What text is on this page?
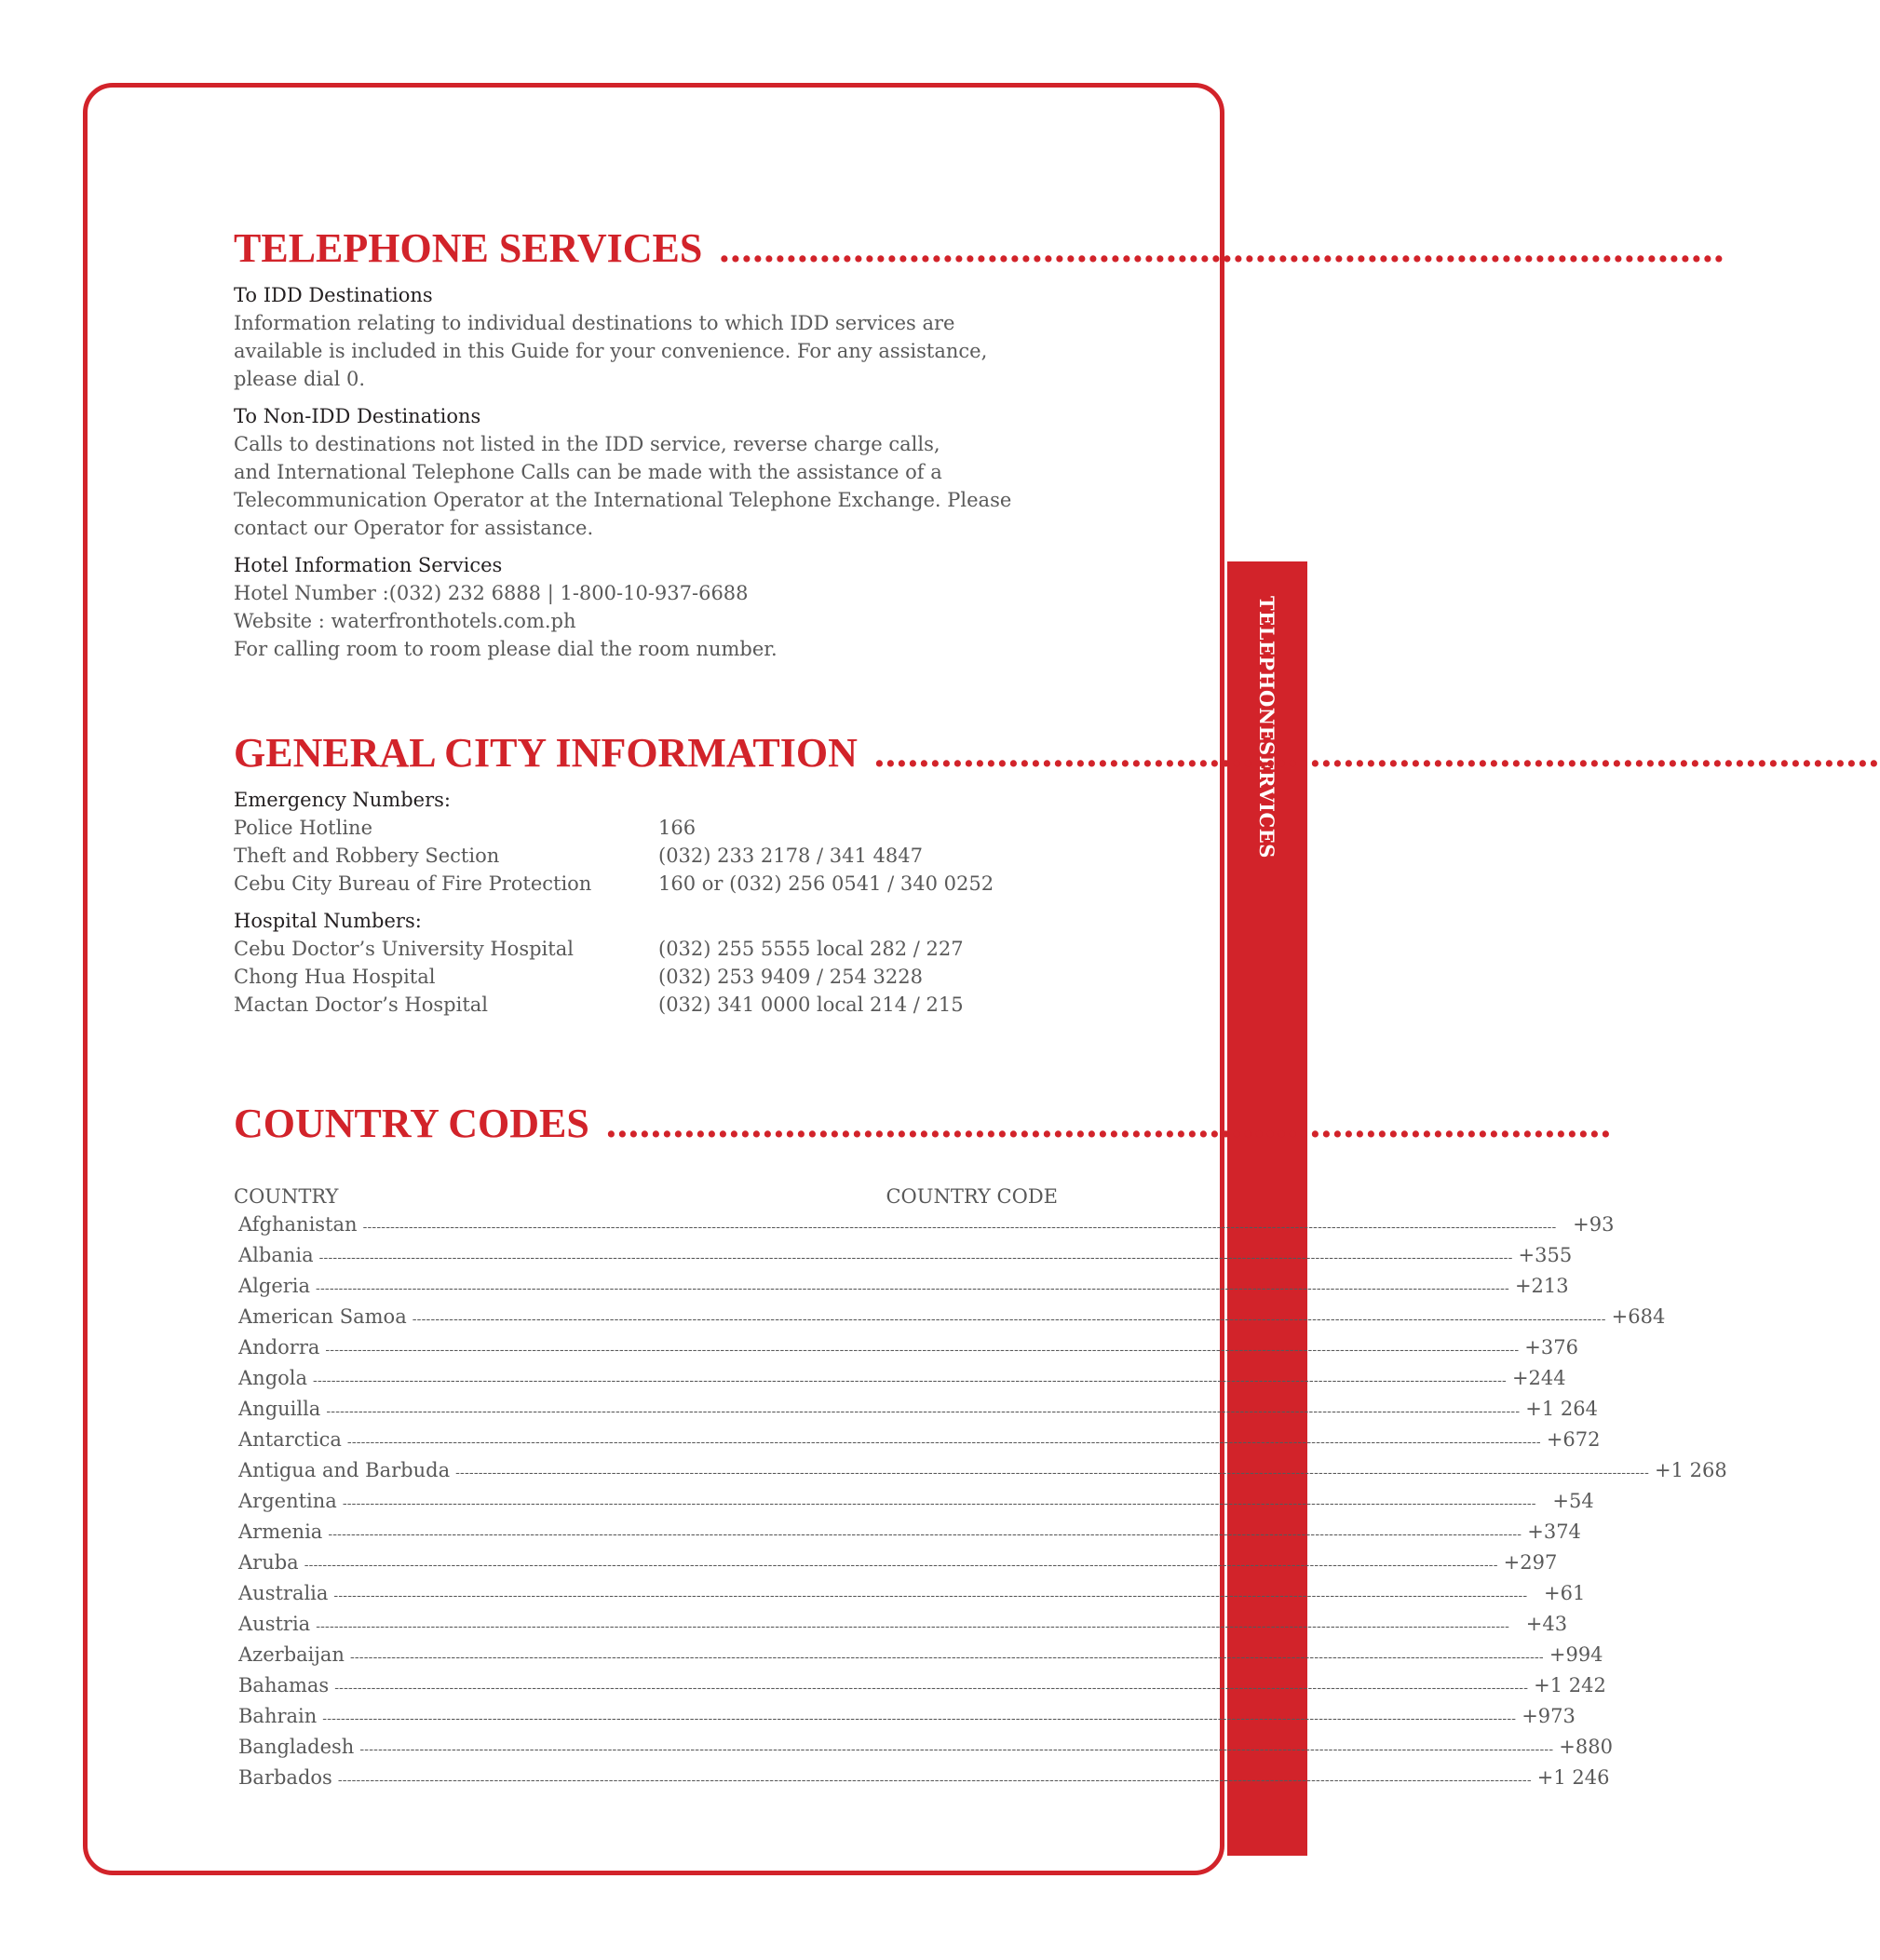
TELEPHONE
SERVICES
TELEPHONE SERVICES ..........................................................................................
To IDD Destinations
Information relating to individual destinations to which IDD services are
available is included in this Guide for your convenience. For any assistance,
please dial 0.
To Non-IDD Destinations
Calls to destinations not listed in the IDD service, reverse charge calls,
and International Telephone Calls can be made with the assistance of a
Telecommunication Operator at the International Telephone Exchange. Please
contact our Operator for assistance.
Hotel Information Services
Hotel Number :(032) 232 6888 | 1-800-10-937-6688
Website : waterfronthotels.com.ph
For calling room to room please dial the room number.
GENERAL CITY INFORMATION ..........................................................................................
Emergency Numbers:
Police Hotline	166
Theft and Robbery Section	(032) 233 2178 / 341 4847
Cebu City Bureau of Fire Protection	160 or (032) 256 0541 / 340 0252
Hospital Numbers:
Cebu Doctor’s University Hospital	(032) 255 5555 local 282 / 227
Chong Hua Hospital	(032) 253 9409 / 254 3228
Mactan Doctor’s Hospital	(032) 341 0000 local 214 / 215
COUNTRY CODES ..........................................................................................
COUNTRY	COUNTRY CODE
Afghanistan -------------------------------------------------------------------------------------------------------------------------------------------------------------------------------------------------------------------------------------------------------------------- +93
Albania -------------------------------------------------------------------------------------------------------------------------------------------------------------------------------------------------------------------------------------------------------------------- +355
Algeria -------------------------------------------------------------------------------------------------------------------------------------------------------------------------------------------------------------------------------------------------------------------- +213
American Samoa -------------------------------------------------------------------------------------------------------------------------------------------------------------------------------------------------------------------------------------------------------------------- +684
Andorra -------------------------------------------------------------------------------------------------------------------------------------------------------------------------------------------------------------------------------------------------------------------- +376
Angola -------------------------------------------------------------------------------------------------------------------------------------------------------------------------------------------------------------------------------------------------------------------- +244
Anguilla -------------------------------------------------------------------------------------------------------------------------------------------------------------------------------------------------------------------------------------------------------------------- +1 264
Antarctica -------------------------------------------------------------------------------------------------------------------------------------------------------------------------------------------------------------------------------------------------------------------- +672
Antigua and Barbuda -------------------------------------------------------------------------------------------------------------------------------------------------------------------------------------------------------------------------------------------------------------------- +1 268
Argentina -------------------------------------------------------------------------------------------------------------------------------------------------------------------------------------------------------------------------------------------------------------------- +54
Armenia -------------------------------------------------------------------------------------------------------------------------------------------------------------------------------------------------------------------------------------------------------------------- +374
Aruba -------------------------------------------------------------------------------------------------------------------------------------------------------------------------------------------------------------------------------------------------------------------- +297
Australia -------------------------------------------------------------------------------------------------------------------------------------------------------------------------------------------------------------------------------------------------------------------- +61
Austria -------------------------------------------------------------------------------------------------------------------------------------------------------------------------------------------------------------------------------------------------------------------- +43
Azerbaijan -------------------------------------------------------------------------------------------------------------------------------------------------------------------------------------------------------------------------------------------------------------------- +994
Bahamas -------------------------------------------------------------------------------------------------------------------------------------------------------------------------------------------------------------------------------------------------------------------- +1 242
Bahrain -------------------------------------------------------------------------------------------------------------------------------------------------------------------------------------------------------------------------------------------------------------------- +973
Bangladesh -------------------------------------------------------------------------------------------------------------------------------------------------------------------------------------------------------------------------------------------------------------------- +880
Barbados -------------------------------------------------------------------------------------------------------------------------------------------------------------------------------------------------------------------------------------------------------------------- +1 246
